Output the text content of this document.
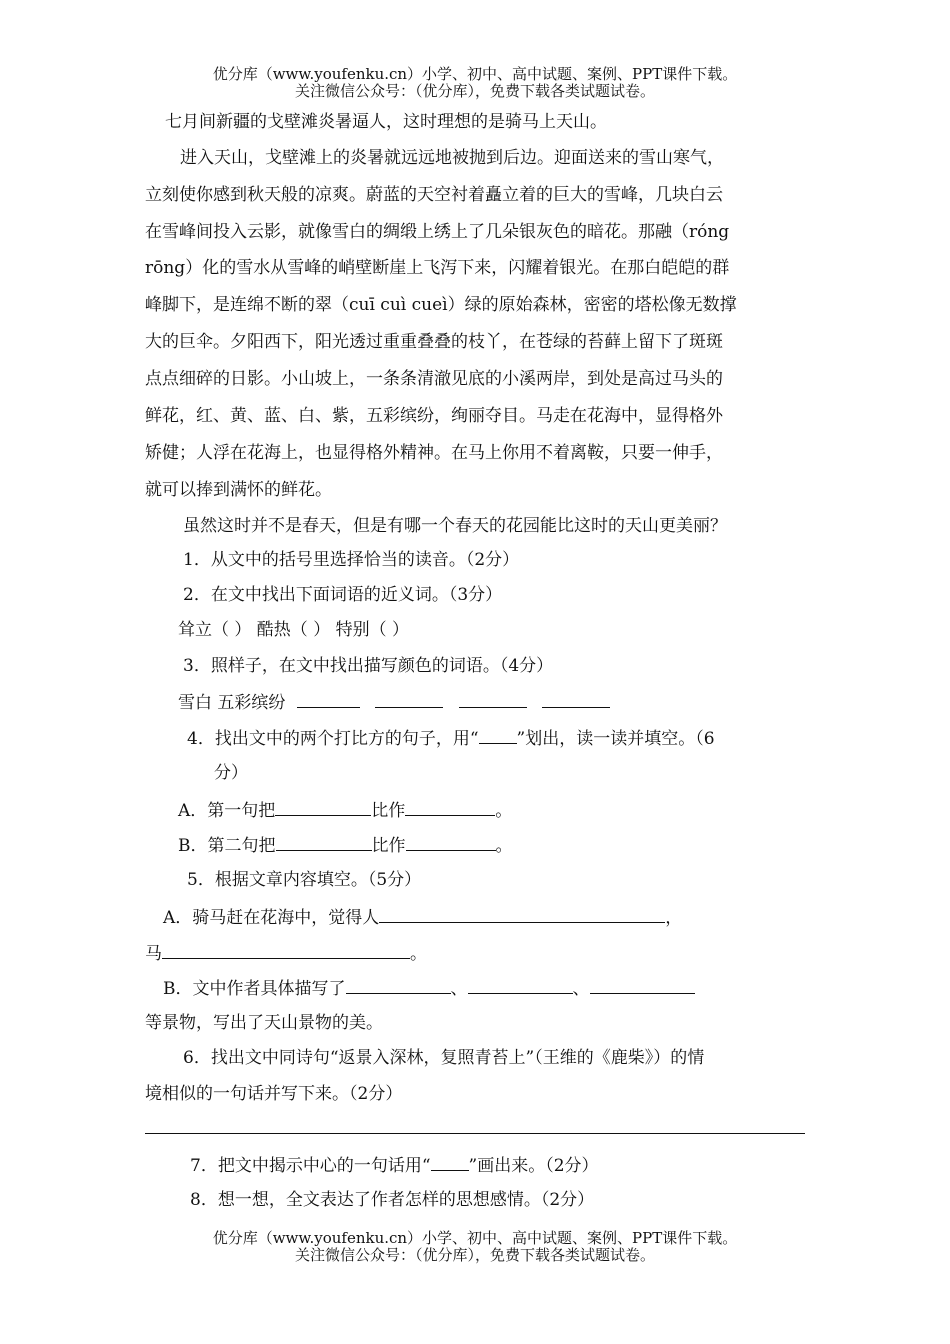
优分库（www.youfenku.cn）小学、初中、高中试题、案例、PPT课件下载。
关注微信公众号：（优分库），免费下载各类试题试卷。
七月间新疆的戈壁滩炎暑逼人，这时理想的是骑马上天山。
进入天山，戈壁滩上的炎暑就远远地被抛到后边。迎面送来的雪山寒气，
立刻使你感到秋天般的凉爽。蔚蓝的天空衬着矗立着的巨大的雪峰，几块白云
在雪峰间投入云影，就像雪白的绸缎上绣上了几朵银灰色的暗花。那融（róng
rōng）化的雪水从雪峰的峭壁断崖上飞泻下来，闪耀着银光。在那白皑皑的群
峰脚下，是连绵不断的翠（cuī cuì cueì）绿的原始森林，密密的塔松像无数撑
大的巨伞。夕阳西下，阳光透过重重叠叠的枝丫，在苍绿的苔藓上留下了斑斑
点点细碎的日影。小山坡上，一条条清澈见底的小溪两岸，到处是高过马头的
鲜花，红、黄、蓝、白、紫，五彩缤纷，绚丽夺目。马走在花海中，显得格外
矫健；人浮在花海上，也显得格外精神。在马上你用不着离鞍，只要一伸手，
就可以捧到满怀的鲜花。
虽然这时并不是春天，但是有哪一个春天的花园能比这时的天山更美丽？
1．从文中的括号里选择恰当的读音。（2分）
2．在文中找出下面词语的近义词。（3分）
耸立（ ） 酷热（ ） 特别（ ）
3．照样子，在文中找出描写颜色的词语。（4分）
雪白 五彩缤纷
4．找出文中的两个打比方的句子，用“ ”划出，读一读并填空。（6
分）
A．第一句把	比作	。
B．第二句把	比作	。
5．根据文章内容填空。（5分）
A．骑马赶在花海中，觉得人	，
马	。
B．文中作者具体描写了	、	、
等景物，写出了天山景物的美。
6．找出文中同诗句“返景入深林，复照青苔上”（王维的《鹿柴》）的情
境相似的一句话并写下来。（2分）
7．把文中揭示中心的一句话用“ ”画出来。（2分）
8．想一想，全文表达了作者怎样的思想感情。（2分）
优分库（www.youfenku.cn）小学、初中、高中试题、案例、PPT课件下载。
关注微信公众号：（优分库），免费下载各类试题试卷。
